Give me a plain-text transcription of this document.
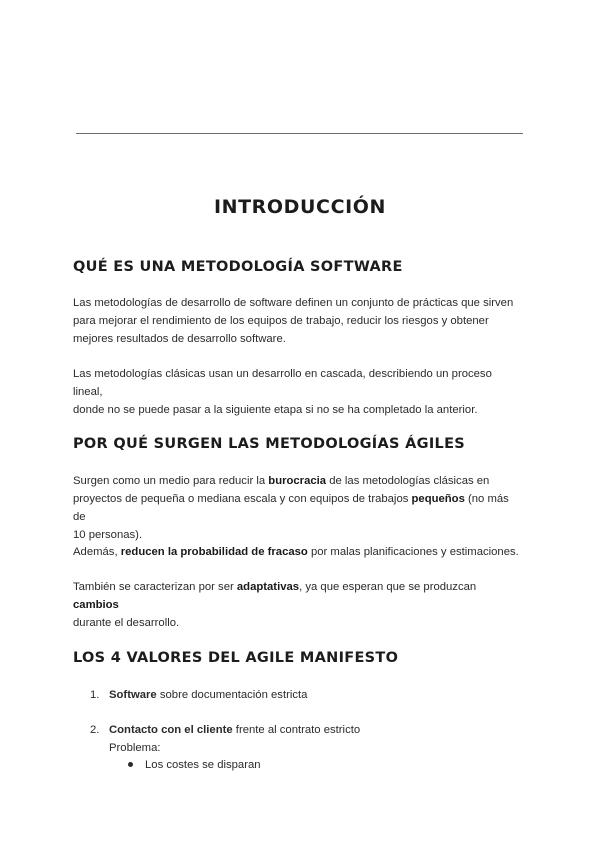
INTRODUCCIÓN
QUÉ ES UNA METODOLOGÍA SOFTWARE

Las metodologías de desarrollo de software definen un conjunto de prácticas que sirven
para mejorar el rendimiento de los equipos de trabajo, reducir los riesgos y obtener
mejores resultados de desarrollo software.

Las metodologías clásicas usan un desarrollo en cascada, describiendo un proceso lineal,
donde no se puede pasar a la siguiente etapa si no se ha completado la anterior.

POR QUÉ SURGEN LAS METODOLOGÍAS ÁGILES

Surgen como un medio para reducir la burocracia de las metodologías clásicas en
proyectos de pequeña o mediana escala y con equipos de trabajos pequeños (no más de
10 personas).

Además, reducen la probabilidad de fracaso por malas planificaciones y estimaciones.

También se caracterizan por ser adaptativas, ya que esperan que se produzcan cambios
durante el desarrollo.

LOS 4 VALORES DEL AGILE MANIFESTO

1. Software sobre documentación estricta

2. Contacto con el cliente frente al contrato estricto

Problema:

Los costes se disparan
